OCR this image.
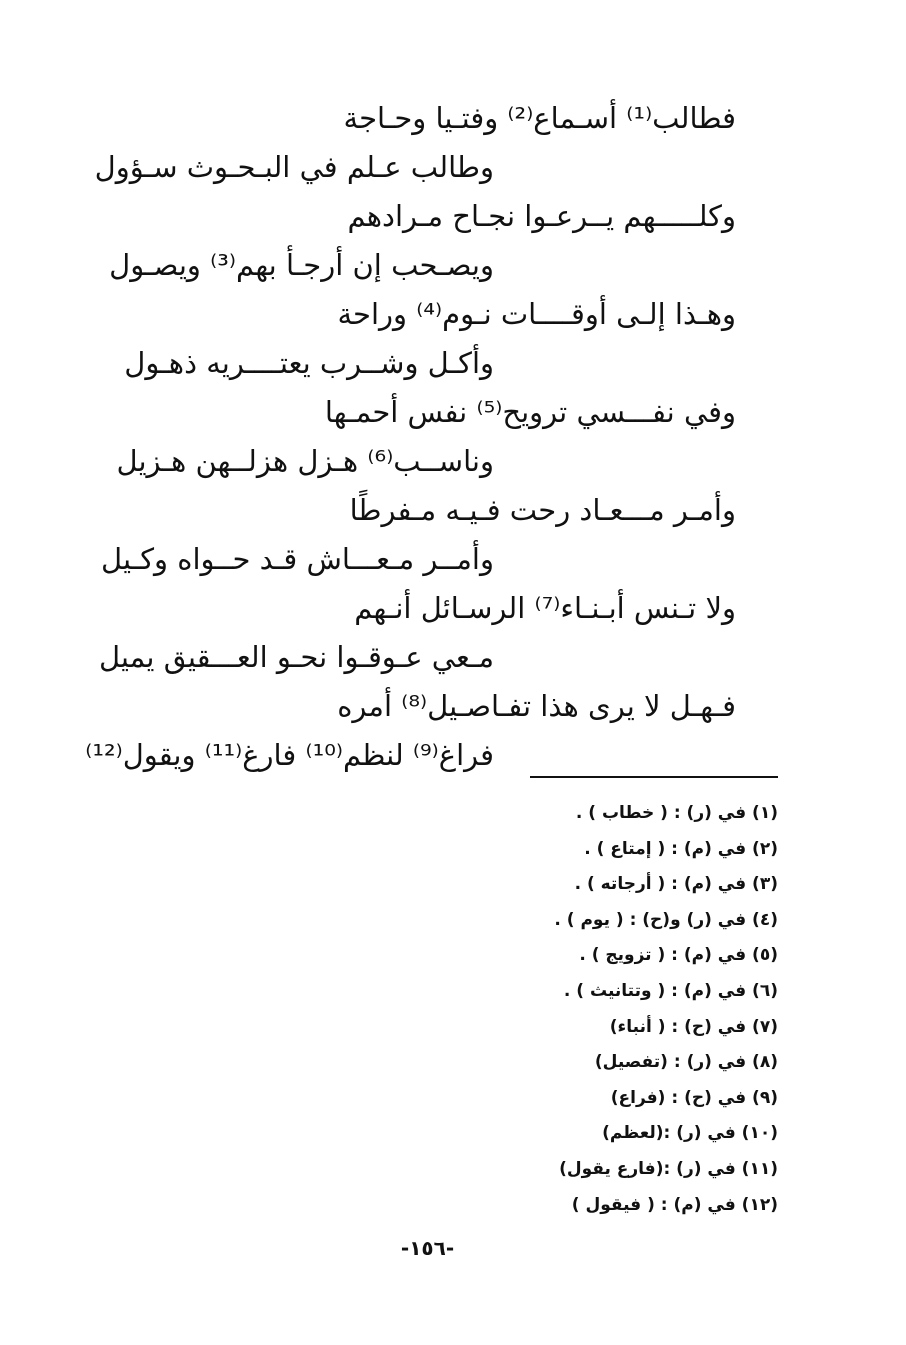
فطالب⁽¹⁾ أسـماع⁽²⁾ وفتـيا وحـاجة
وطالب عـلم في البـحـوث سـؤول
وكلـــــهم يــرعـوا نجـاح مـرادهم
ويصـحب إن أرجـأ بهم⁽³⁾ ويصـول
وهـذا إلـى أوقــــات نـوم⁽⁴⁾ وراحة
وأكـل وشــرب يعتــــريه ذهـول
وفي نفـــسي ترويح⁽⁵⁾ نفس أحمـها
وناســب⁽⁶⁾ هـزل هزلــهن هـزيل
وأمـر مـــعـاد رحت فـيـه مـفرطًا
وأمــر مـعـــاش قـد حــواه وكـيل
ولا تـنس أبـنـاء⁽⁷⁾ الرسـائل أنـهم
مـعي عـوقـوا نحـو العـــقيق يميل
فـهـل لا يرى هذا تفـاصـيل⁽⁸⁾ أمره
فراغ⁽⁹⁾ لنظم⁽¹⁰⁾ فارغ⁽¹¹⁾ ويقول⁽¹²⁾
(١) في (ر) : ( خطاب ) .
(٢) في (م) : ( إمتاع ) .
(٣) في (م) : ( أرجاته ) .
(٤) في (ر) و(ح) : ( يوم ) .
(٥) في (م) : ( تزويج ) .
(٦) في (م) : ( وتتانيث ) .
(٧) في (ح) : ( أنباء)
(٨) في (ر) : (تفصيل)
(٩) في (ح) : (فراع)
(١٠) في (ر) :(لعظم)
(١١) في (ر) :(فارع يقول)
(١٢) في (م) : ( فيقول )
-١٥٦-
